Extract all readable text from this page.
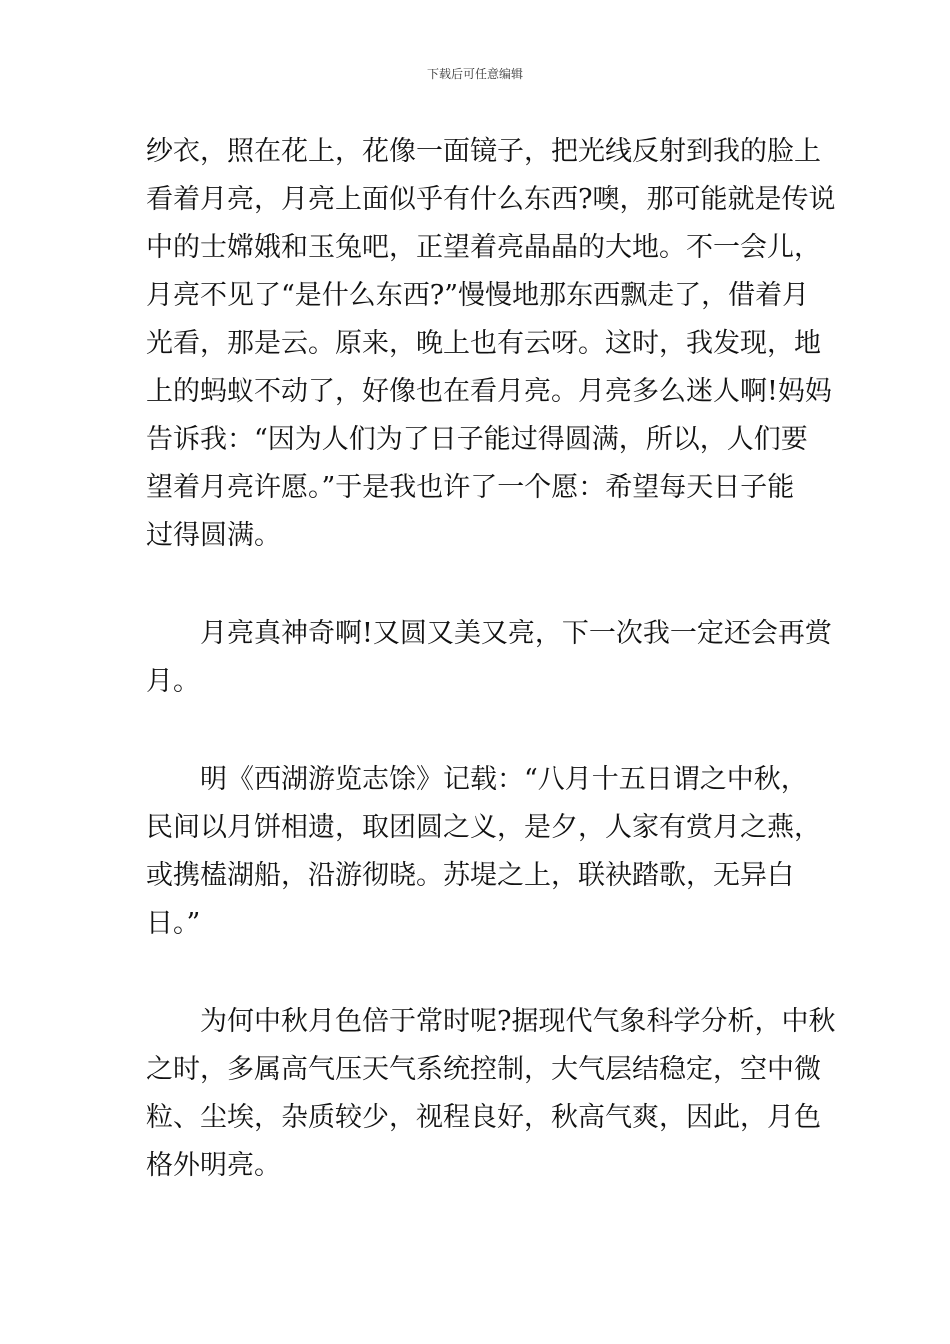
下载后可任意编辑
纱衣，照在花上，花像一面镜子，把光线反射到我的脸上
看着月亮，月亮上面似乎有什么东西?噢，那可能就是传说
中的士嫦娥和玉兔吧，正望着亮晶晶的大地。不一会儿，
月亮不见了“是什么东西?”慢慢地那东西飘走了，借着月
光看，那是云。原来，晚上也有云呀。这时，我发现，地
上的蚂蚁不动了，好像也在看月亮。月亮多么迷人啊!妈妈
告诉我：“因为人们为了日子能过得圆满，所以，人们要
望着月亮许愿。”于是我也许了一个愿：希望每天日子能
过得圆满。
　　月亮真神奇啊!又圆又美又亮，下一次我一定还会再赏
月。
　　明《西湖游览志馀》记载：“八月十五日谓之中秋，
民间以月饼相遗，取团圆之义，是夕，人家有赏月之燕，
或携榼湖船，沿游彻晓。苏堤之上，联袂踏歌，无异白
日。”
　　为何中秋月色倍于常时呢?据现代气象科学分析，中秋
之时，多属高气压天气系统控制，大气层结稳定，空中微
粒、尘埃，杂质较少，视程良好，秋高气爽，因此，月色
格外明亮。
